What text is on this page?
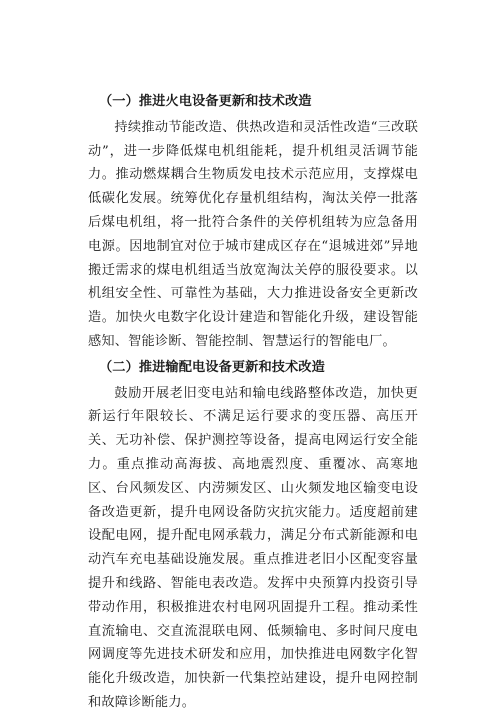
（一）推进火电设备更新和技术改造

持续推动节能改造、供热改造和灵活性改造“三改联动”，进一步降低煤电机组能耗，提升机组灵活调节能力。推动燃煤耦合生物质发电技术示范应用，支撑煤电低碳化发展。统筹优化存量机组结构，淘汰关停一批落后煤电机组，将一批符合条件的关停机组转为应急备用电源。因地制宜对位于城市建成区存在“退城进郊”异地搬迁需求的煤电机组适当放宽淘汰关停的服役要求。以机组安全性、可靠性为基础，大力推进设备安全更新改造。加快火电数字化设计建造和智能化升级，建设智能感知、智能诊断、智能控制、智慧运行的智能电厂。

（二）推进输配电设备更新和技术改造

鼓励开展老旧变电站和输电线路整体改造，加快更新运行年限较长、不满足运行要求的变压器、高压开关、无功补偿、保护测控等设备，提高电网运行安全能力。重点推动高海拔、高地震烈度、重覆冰、高寒地区、台风频发区、内涝频发区、山火频发地区输变电设备改造更新，提升电网设备防灾抗灾能力。适度超前建设配电网，提升配电网承载力，满足分布式新能源和电动汽车充电基础设施发展。重点推进老旧小区配变容量提升和线路、智能电表改造。发挥中央预算内投资引导带动作用，积极推进农村电网巩固提升工程。推动柔性直流输电、交直流混联电网、低频输电、多时间尺度电网调度等先进技术研发和应用，加快推进电网数字化智能化升级改造，加快新一代集控站建设，提升电网控制和故障诊断能力。
